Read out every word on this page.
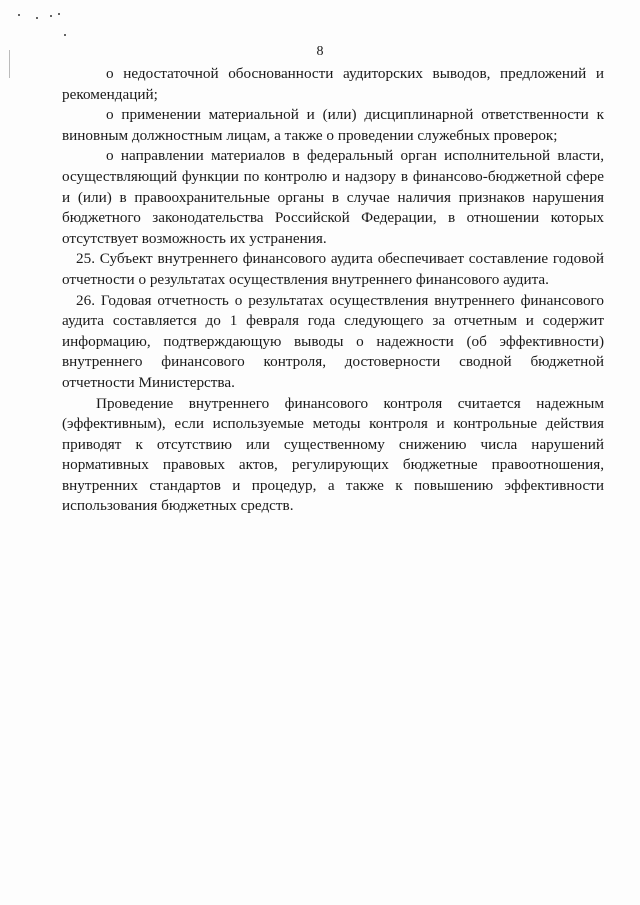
8

о недостаточной обоснованности аудиторских выводов, предложений и рекомендаций;

о применении материальной и (или) дисциплинарной ответственности к виновным должностным лицам, а также о проведении служебных проверок;

о направлении материалов в федеральный орган исполнительной власти, осуществляющий функции по контролю и надзору в финансово-бюджетной сфере и (или) в правоохранительные органы в случае наличия признаков нарушения бюджетного законодательства Российской Федерации, в отношении которых отсутствует возможность их устранения.

25. Субъект внутреннего финансового аудита обеспечивает составление годовой отчетности о результатах осуществления внутреннего финансового аудита.

26. Годовая отчетность о результатах осуществления внутреннего финансового аудита составляется до 1 февраля года следующего за отчетным и содержит информацию, подтверждающую выводы о надежности (об эффективности) внутреннего финансового контроля, достоверности сводной бюджетной отчетности Министерства.

Проведение внутреннего финансового контроля считается надежным (эффективным), если используемые методы контроля и контрольные действия приводят к отсутствию или существенному снижению числа нарушений нормативных правовых актов, регулирующих бюджетные правоотношения, внутренних стандартов и процедур, а также к повышению эффективности использования бюджетных средств.
